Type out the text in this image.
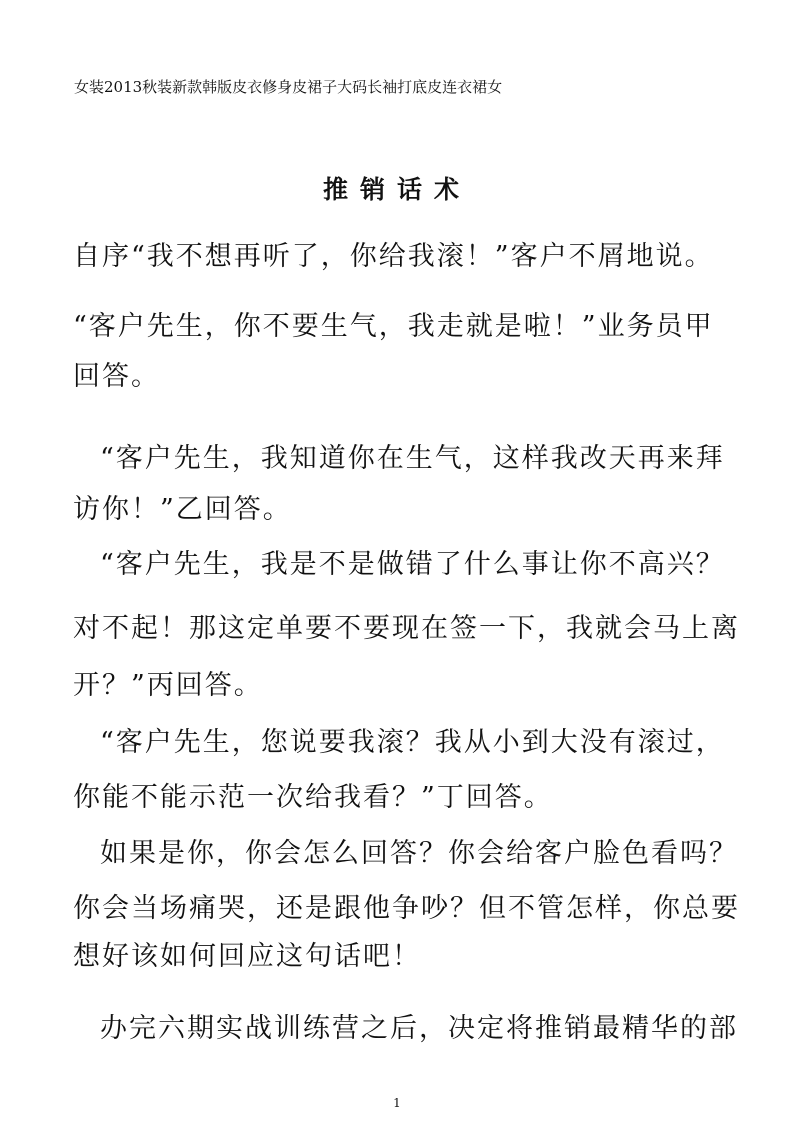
女装2013秋装新款韩版皮衣修身皮裙子大码长袖打底皮连衣裙女
推销话术
自序“我不想再听了，你给我滚！”客户不屑地说。
“客户先生，你不要生气，我走就是啦！”业务员甲
回答。
“客户先生，我知道你在生气，这样我改天再来拜
访你！”乙回答。
“客户先生，我是不是做错了什么事让你不高兴？
对不起！那这定单要不要现在签一下，我就会马上离
开？”丙回答。
“客户先生，您说要我滚？我从小到大没有滚过，
你能不能示范一次给我看？”丁回答。
如果是你，你会怎么回答？你会给客户脸色看吗？
你会当场痛哭，还是跟他争吵？但不管怎样，你总要
想好该如何回应这句话吧！
办完六期实战训练营之后，决定将推销最精华的部
1
